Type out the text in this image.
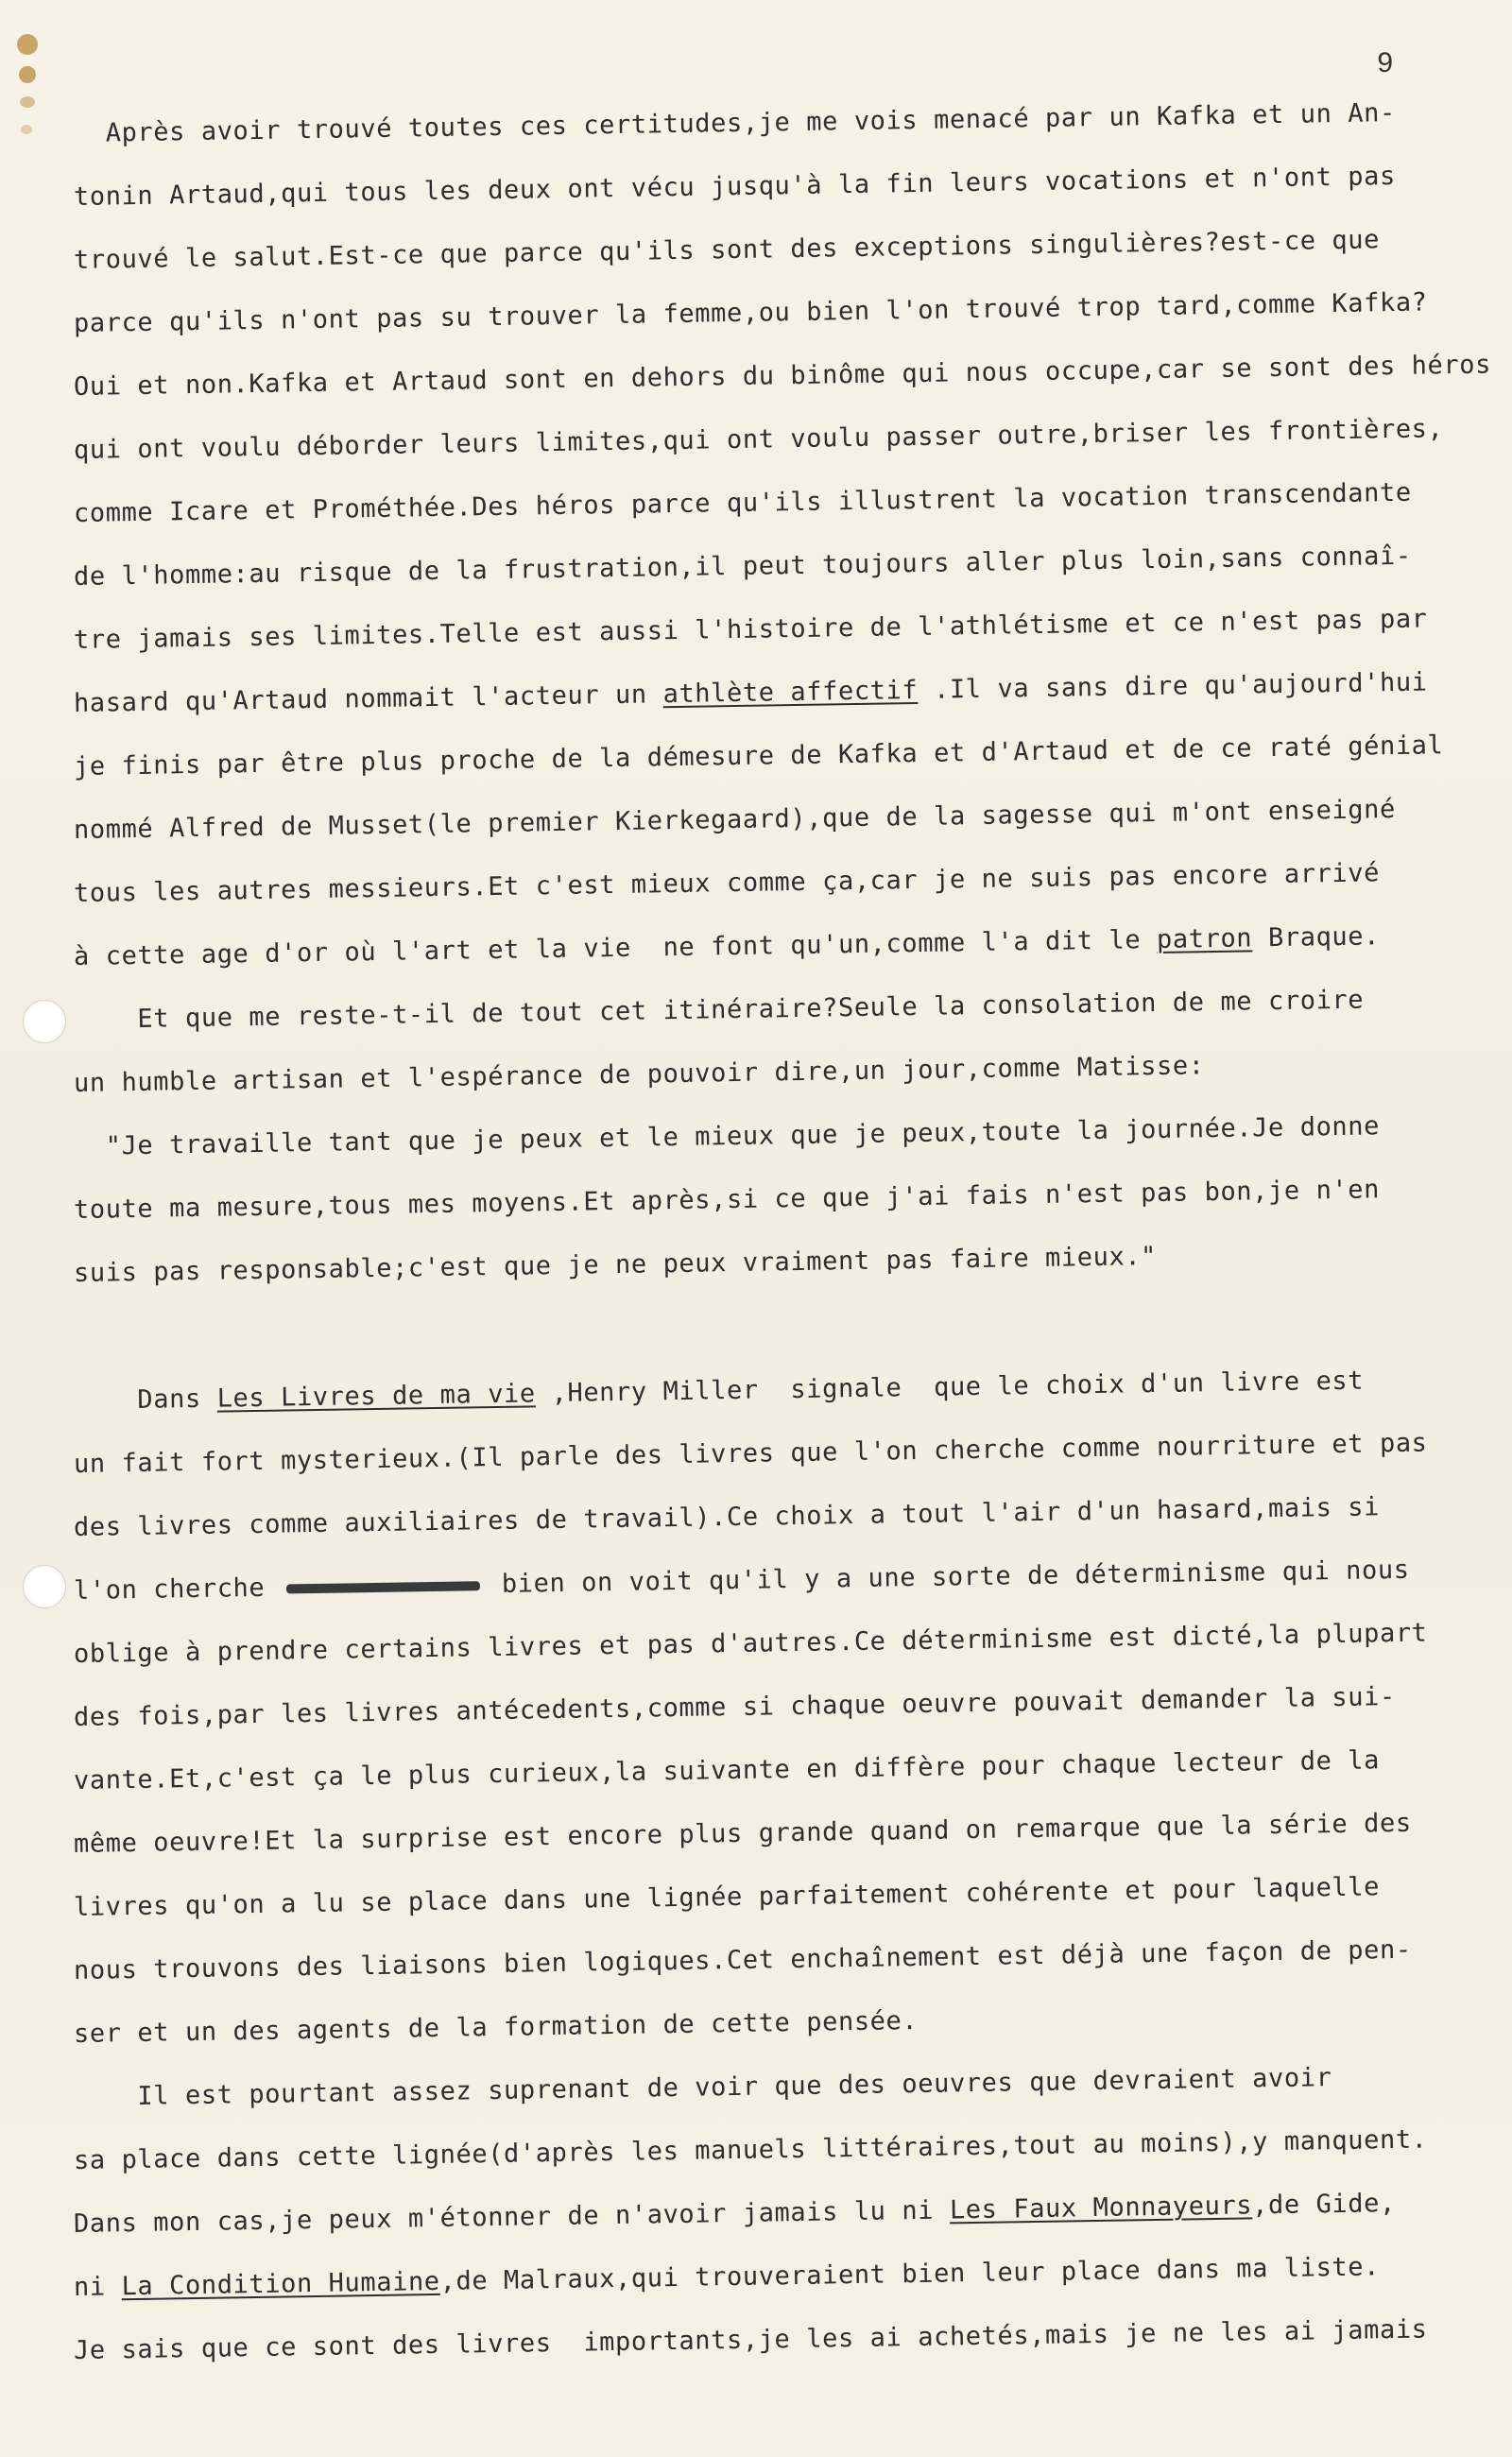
9
Après avoir trouvé toutes ces certitudes,je me vois menacé par un Kafka et un An-
tonin Artaud,qui tous les deux ont vécu jusqu'à la fin leurs vocations et n'ont pas
trouvé le salut.Est-ce que parce qu'ils sont des exceptions singulières?est-ce que
parce qu'ils n'ont pas su trouver la femme,ou bien l'on trouvé trop tard,comme Kafka?
Oui et non.Kafka et Artaud sont en dehors du binôme qui nous occupe,car se sont des héros
qui ont voulu déborder leurs limites,qui ont voulu passer outre,briser les frontières,
comme Icare et Prométhée.Des héros parce qu'ils illustrent la vocation transcendante
de l'homme:au risque de la frustration,il peut toujours aller plus loin,sans connaî-
tre jamais ses limites.Telle est aussi l'histoire de l'athlétisme et ce n'est pas par
hasard qu'Artaud nommait l'acteur un athlète affectif .Il va sans dire qu'aujourd'hui
je finis par être plus proche de la démesure de Kafka et d'Artaud et de ce raté génial
nommé Alfred de Musset(le premier Kierkegaard),que de la sagesse qui m'ont enseigné
tous les autres messieurs.Et c'est mieux comme ça,car je ne suis pas encore arrivé
à cette age d'or où l'art et la vie  ne font qu'un,comme l'a dit le patron Braque.
Et que me reste-t-il de tout cet itinéraire?Seule la consolation de me croire
un humble artisan et l'espérance de pouvoir dire,un jour,comme Matisse:
"Je travaille tant que je peux et le mieux que je peux,toute la journée.Je donne
toute ma mesure,tous mes moyens.Et après,si ce que j'ai fais n'est pas bon,je n'en
suis pas responsable;c'est que je ne peux vraiment pas faire mieux."
Dans Les Livres de ma vie ,Henry Miller  signale  que le choix d'un livre est
un fait fort mysterieux.(Il parle des livres que l'on cherche comme nourriture et pas
des livres comme auxiliaires de travail).Ce choix a tout l'air d'un hasard,mais si
l'on cherche	bien on voit qu'il y a une sorte de déterminisme qui nous
oblige à prendre certains livres et pas d'autres.Ce déterminisme est dicté,la plupart
des fois,par les livres antécedents,comme si chaque oeuvre pouvait demander la sui-
vante.Et,c'est ça le plus curieux,la suivante en diffère pour chaque lecteur de la
même oeuvre!Et la surprise est encore plus grande quand on remarque que la série des
livres qu'on a lu se place dans une lignée parfaitement cohérente et pour laquelle
nous trouvons des liaisons bien logiques.Cet enchaînement est déjà une façon de pen-
ser et un des agents de la formation de cette pensée.
Il est pourtant assez suprenant de voir que des oeuvres que devraient avoir
sa place dans cette lignée(d'après les manuels littéraires,tout au moins),y manquent.
Dans mon cas,je peux m'étonner de n'avoir jamais lu ni Les Faux Monnayeurs,de Gide,
ni La Condition Humaine,de Malraux,qui trouveraient bien leur place dans ma liste.
Je sais que ce sont des livres  importants,je les ai achetés,mais je ne les ai jamais
